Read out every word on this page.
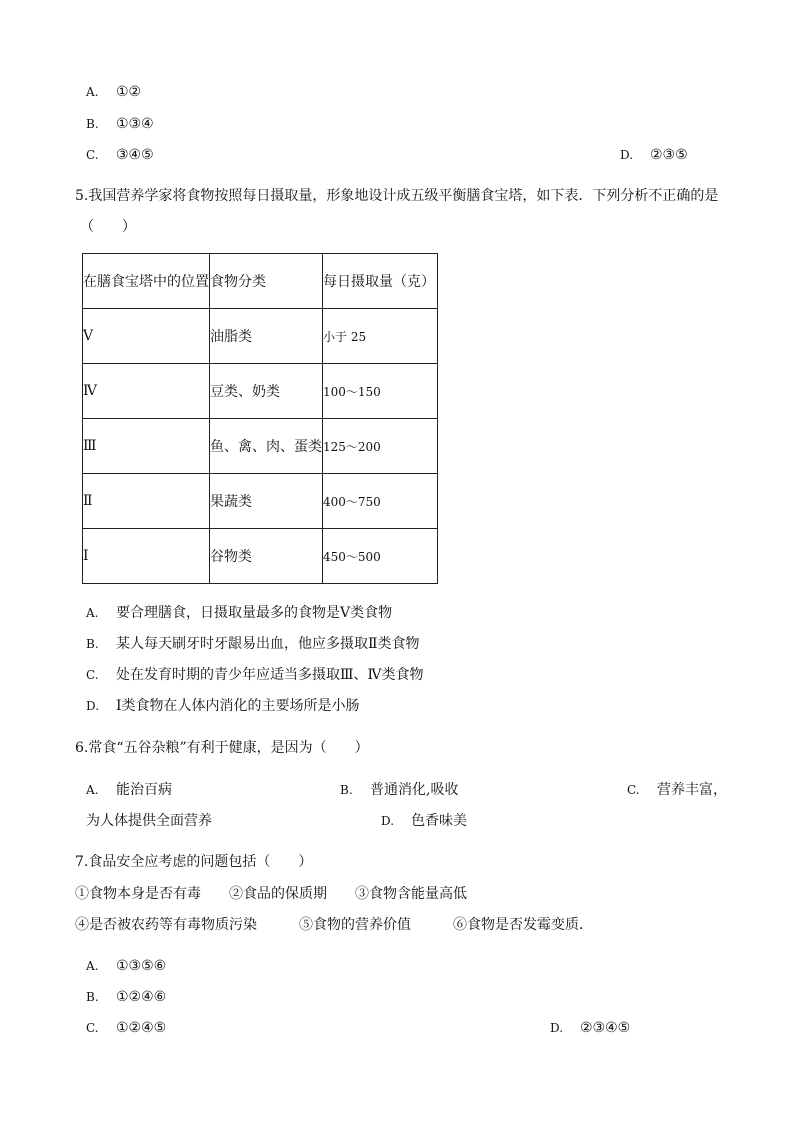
A. ①②
B. ①③④
C. ③④⑤	D. ②③⑤
5.我国营养学家将食物按照每日摄取量，形象地设计成五级平衡膳食宝塔，如下表．下列分析不正确的是
（　　）
在膳食宝塔中的位置	食物分类	每日摄取量（克）
Ⅴ	油脂类	小于 25
Ⅳ	豆类、奶类	100～150
Ⅲ	鱼、禽、肉、蛋类	125～200
Ⅱ	果蔬类	400～750
Ⅰ	谷物类	450～500
A. 要合理膳食，日摄取量最多的食物是Ⅴ类食物
B. 某人每天刷牙时牙龈易出血，他应多摄取Ⅱ类食物
C. 处在发育时期的青少年应适当多摄取Ⅲ、Ⅳ类食物
D. Ⅰ类食物在人体内消化的主要场所是小肠
6.常食“五谷杂粮”有利于健康，是因为（　　）
A. 能治百病	B. 普通消化,吸收	C. 营养丰富，
为人体提供全面营养	D. 色香味美
7.食品安全应考虑的问题包括（　　）
①食物本身是否有毒　　②食品的保质期　　③食物含能量高低
④是否被农药等有毒物质污染　　　⑤食物的营养价值　　　⑥食物是否发霉变质．
A. ①③⑤⑥
B. ①②④⑥
C. ①②④⑤	D. ②③④⑤
